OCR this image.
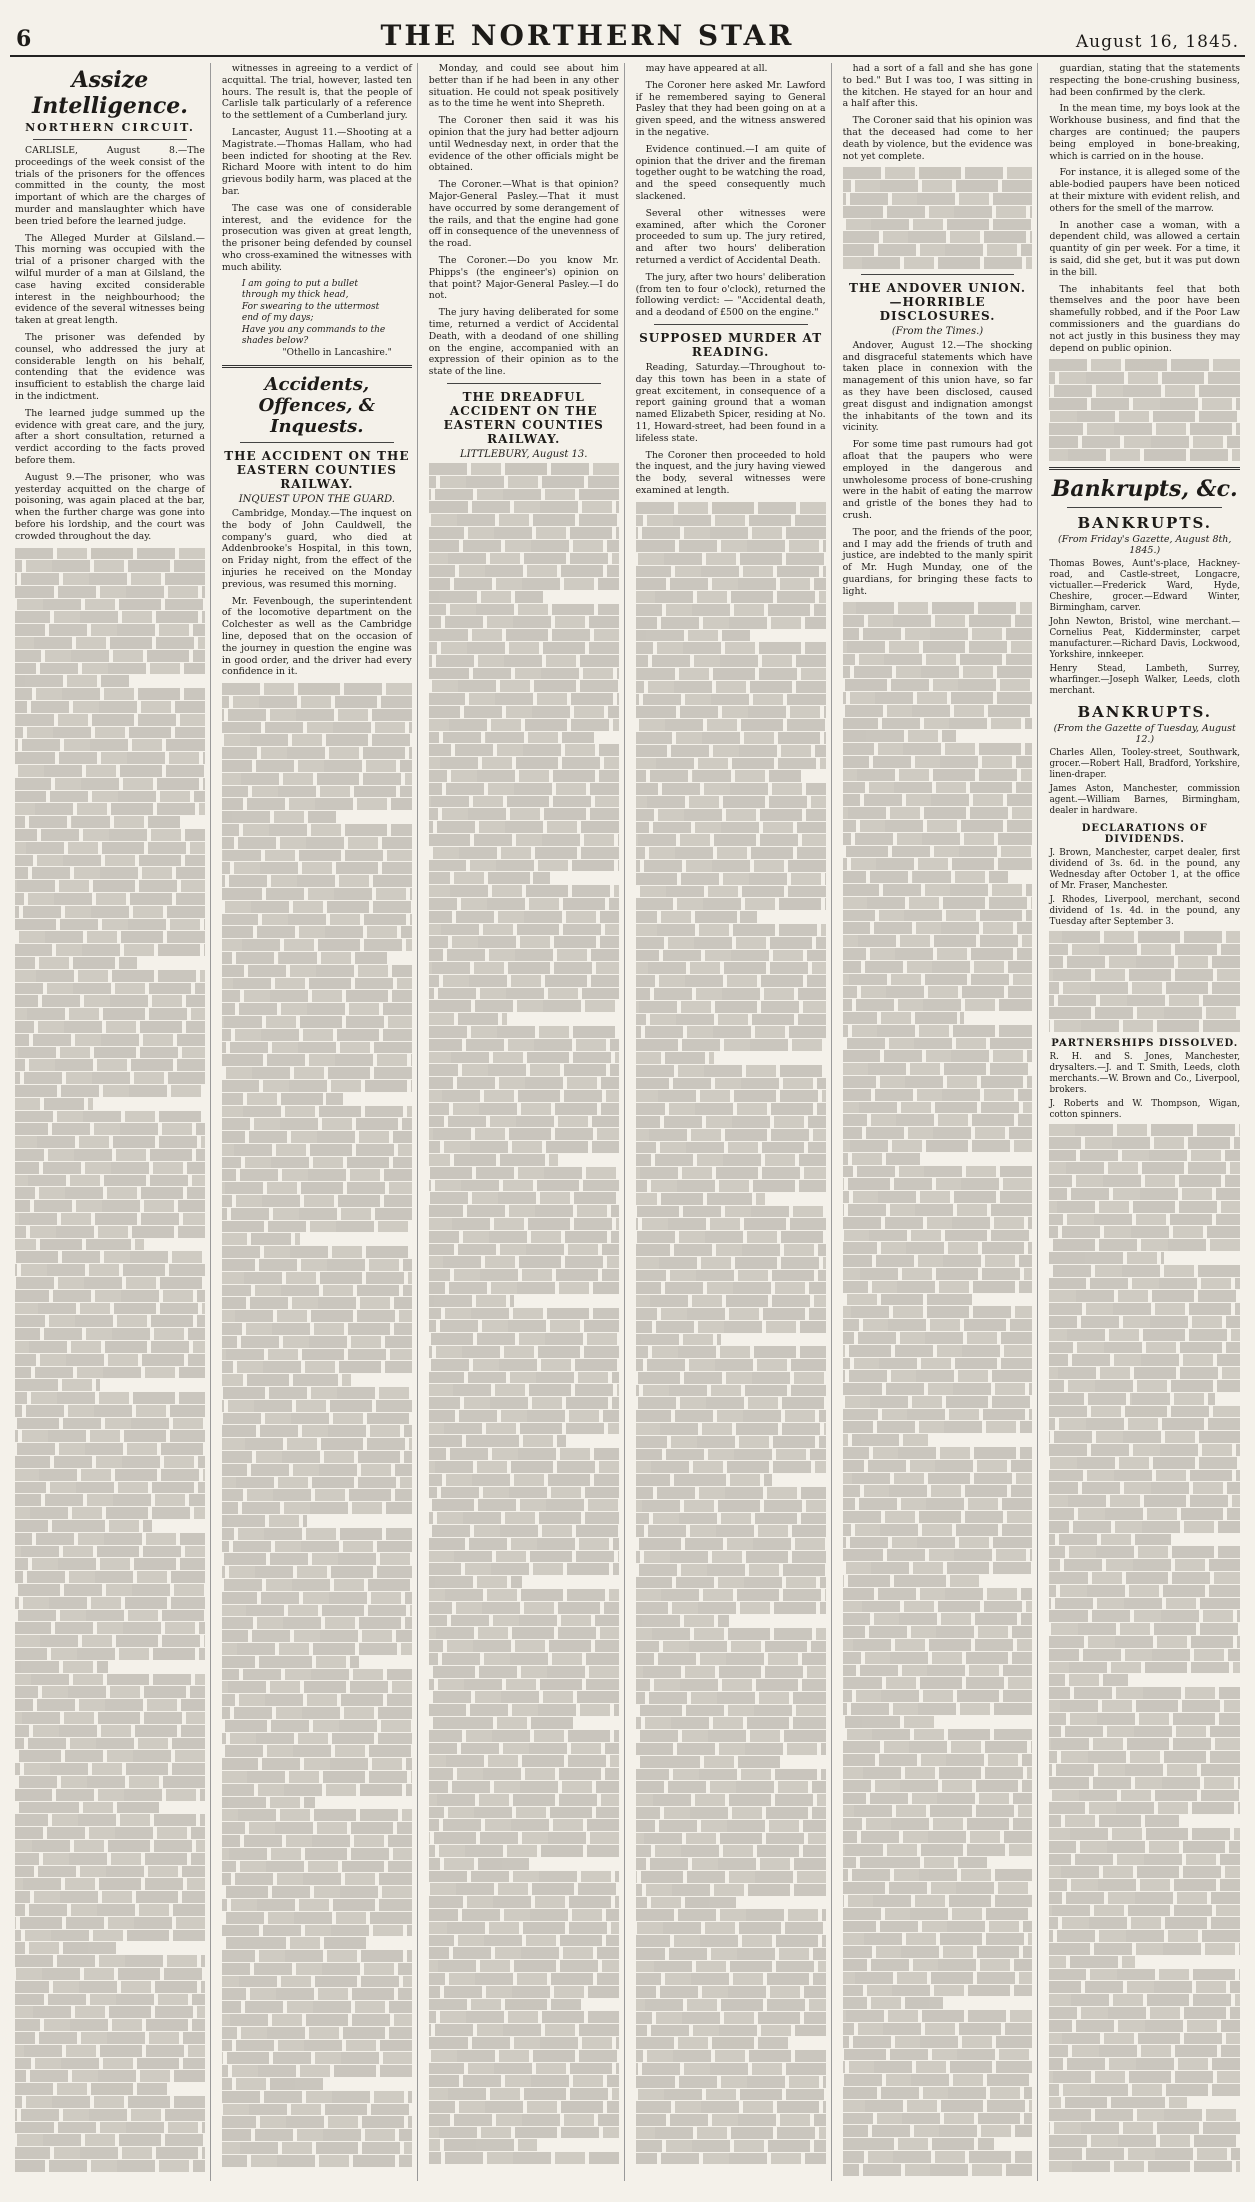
6	THE NORTHERN STAR	August 16, 1845.
Assize Intelligence.
NORTHERN CIRCUIT.

CARLISLE, August 8.—The proceedings of the week consist of the trials of the prisoners for the offences committed in the county, the most important of which are the charges of murder and manslaughter which have been tried before the learned judge.

The Alleged Murder at Gilsland.—This morning was occupied with the trial of a prisoner charged with the wilful murder of a man at Gilsland, the case having excited considerable interest in the neighbourhood; the evidence of the several witnesses being taken at great length.

The prisoner was defended by counsel, who addressed the jury at considerable length on his behalf, contending that the evidence was insufficient to establish the charge laid in the indictment.

The learned judge summed up the evidence with great care, and the jury, after a short consultation, returned a verdict according to the facts proved before them.

August 9.—The prisoner, who was yesterday acquitted on the charge of poisoning, was again placed at the bar, when the further charge was gone into before his lordship, and the court was crowded throughout the day.

witnesses in agreeing to a verdict of acquittal. The trial, however, lasted ten hours. The result is, that the people of Carlisle talk particularly of a reference to the settlement of a Cumberland jury.

Lancaster, August 11.—Shooting at a Magistrate.—Thomas Hallam, who had been indicted for shooting at the Rev. Richard Moore with intent to do him grievous bodily harm, was placed at the bar.

The case was one of considerable interest, and the evidence for the prosecution was given at great length, the prisoner being defended by counsel who cross-examined the witnesses with much ability.

I am going to put a bullet through my thick head,
For swearing to the uttermost end of my days;
Have you any commands to the shades below?
"Othello in Lancashire."
Accidents, Offences, & Inquests.
THE ACCIDENT ON THE EASTERN COUNTIES RAILWAY.
INQUEST UPON THE GUARD.

Cambridge, Monday.—The inquest on the body of John Cauldwell, the company's guard, who died at Addenbrooke's Hospital, in this town, on Friday night, from the effect of the injuries he received on the Monday previous, was resumed this morning.

Mr. Fevenbough, the superintendent of the locomotive department on the Colchester as well as the Cambridge line, deposed that on the occasion of the journey in question the engine was in good order, and the driver had every confidence in it.

Monday, and could see about him better than if he had been in any other situation. He could not speak positively as to the time he went into Shepreth.

The Coroner then said it was his opinion that the jury had better adjourn until Wednesday next, in order that the evidence of the other officials might be obtained.

The Coroner.—What is that opinion? Major-General Pasley.—That it must have occurred by some derangement of the rails, and that the engine had gone off in consequence of the unevenness of the road.

The Coroner.—Do you know Mr. Phipps's (the engineer's) opinion on that point? Major-General Pasley.—I do not.

The jury having deliberated for some time, returned a verdict of Accidental Death, with a deodand of one shilling on the engine, accompanied with an expression of their opinion as to the state of the line.

THE DREADFUL ACCIDENT ON THE EASTERN COUNTIES RAILWAY.
LITTLEBURY, August 13.

may have appeared at all.

The Coroner here asked Mr. Lawford if he remembered saying to General Pasley that they had been going on at a given speed, and the witness answered in the negative.

Evidence continued.—I am quite of opinion that the driver and the fireman together ought to be watching the road, and the speed consequently much slackened.

Several other witnesses were examined, after which the Coroner proceeded to sum up. The jury retired, and after two hours' deliberation returned a verdict of Accidental Death.

The jury, after two hours' deliberation (from ten to four o'clock), returned the following verdict: — "Accidental death, and a deodand of £500 on the engine."

SUPPOSED MURDER AT READING.

Reading, Saturday.—Throughout to-day this town has been in a state of great excitement, in consequence of a report gaining ground that a woman named Elizabeth Spicer, residing at No. 11, Howard-street, had been found in a lifeless state.

The Coroner then proceeded to hold the inquest, and the jury having viewed the body, several witnesses were examined at length.

had a sort of a fall and she has gone to bed." But I was too, I was sitting in the kitchen. He stayed for an hour and a half after this.

The Coroner said that his opinion was that the deceased had come to her death by violence, but the evidence was not yet complete.

THE ANDOVER UNION.—HORRIBLE DISCLOSURES.
(From the Times.)

Andover, August 12.—The shocking and disgraceful statements which have taken place in connexion with the management of this union have, so far as they have been disclosed, caused great disgust and indignation amongst the inhabitants of the town and its vicinity.

For some time past rumours had got afloat that the paupers who were employed in the dangerous and unwholesome process of bone-crushing were in the habit of eating the marrow and gristle of the bones they had to crush.

The poor, and the friends of the poor, and I may add the friends of truth and justice, are indebted to the manly spirit of Mr. Hugh Munday, one of the guardians, for bringing these facts to light.

guardian, stating that the statements respecting the bone-crushing business, had been confirmed by the clerk.

In the mean time, my boys look at the Workhouse business, and find that the charges are continued; the paupers being employed in bone-breaking, which is carried on in the house.

For instance, it is alleged some of the able-bodied paupers have been noticed at their mixture with evident relish, and others for the smell of the marrow.

In another case a woman, with a dependent child, was allowed a certain quantity of gin per week. For a time, it is said, did she get, but it was put down in the bill.

The inhabitants feel that both themselves and the poor have been shamefully robbed, and if the Poor Law commissioners and the guardians do not act justly in this business they may depend on public opinion.

Bankrupts, &c.
BANKRUPTS.
(From Friday's Gazette, August 8th, 1845.)

Thomas Bowes, Aunt's-place, Hackney-road, and Castle-street, Longacre, victualler.—Frederick Ward, Hyde, Cheshire, grocer.—Edward Winter, Birmingham, carver.

John Newton, Bristol, wine merchant.—Cornelius Peat, Kidderminster, carpet manufacturer.—Richard Davis, Lockwood, Yorkshire, innkeeper.

Henry Stead, Lambeth, Surrey, wharfinger.—Joseph Walker, Leeds, cloth merchant.

BANKRUPTS.
(From the Gazette of Tuesday, August 12.)

Charles Allen, Tooley-street, Southwark, grocer.—Robert Hall, Bradford, Yorkshire, linen-draper.

James Aston, Manchester, commission agent.—William Barnes, Birmingham, dealer in hardware.

DECLARATIONS OF DIVIDENDS.

J. Brown, Manchester, carpet dealer, first dividend of 3s. 6d. in the pound, any Wednesday after October 1, at the office of Mr. Fraser, Manchester.

J. Rhodes, Liverpool, merchant, second dividend of 1s. 4d. in the pound, any Tuesday after September 3.

PARTNERSHIPS DISSOLVED.

R. H. and S. Jones, Manchester, drysalters.—J. and T. Smith, Leeds, cloth merchants.—W. Brown and Co., Liverpool, brokers.

J. Roberts and W. Thompson, Wigan, cotton spinners.
